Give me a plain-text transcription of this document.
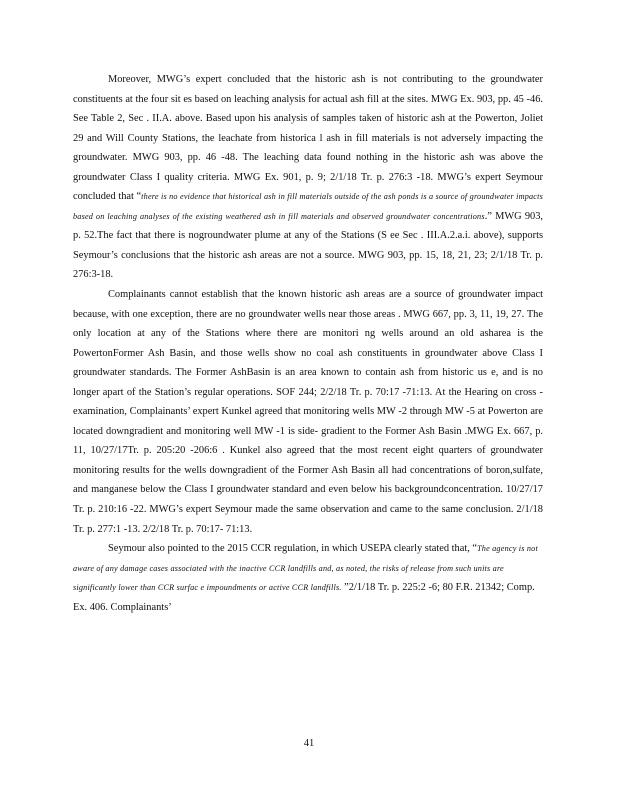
Moreover, MWG’s expert concluded that the historic ash is not contributing to the groundwater constituents at the four sit es based on leaching analysis for actual ash fill at the sites. MWG Ex. 903, pp. 45 -46. See Table 2, Sec . II.A. above. Based upon his analysis of samples taken of historic ash at the Powerton, Joliet 29 and Will County Stations, the leachate from historica l ash in fill materials is not adversely impacting the groundwater. MWG 903, pp. 46 -48. The leaching data found nothing in the historic ash was above the groundwater Class I quality criteria. MWG Ex. 901, p. 9; 2/1/18 Tr. p. 276:3 -18. MWG’s expert Seymour concluded that “there is no evidence that historical ash in fill materials outside of the ash ponds is a source of groundwater impacts based on leaching analyses of the existing weathered ash in fill materials and observed groundwater concentrations.” MWG 903, p. 52.The fact that there is nogroundwater plume at any of the Stations (S ee Sec . III.A.2.a.i. above), supports Seymour’s conclusions that the historic ash areas are not a source. MWG 903, pp. 15, 18, 21, 23; 2/1/18 Tr. p. 276:3-18.

Complainants cannot establish that the known historic ash areas are a source of groundwater impact because, with one exception, there are no groundwater wells near those areas . MWG 667, pp. 3, 11, 19, 27. The only location at any of the Stations where there are monitori ng wells around an old asharea is the PowertonFormer Ash Basin, and those wells show no coal ash constituents in groundwater above Class I groundwater standards. The Former AshBasin is an area known to contain ash from historic us e, and is no longer apart of the Station’s regular operations. SOF 244; 2/2/18 Tr. p. 70:17 -71:13. At the Hearing on cross -examination, Complainants’ expert Kunkel agreed that monitoring wells MW -2 through MW -5 at Powerton are located downgradient and monitoring well MW -1 is side- gradient to the Former Ash Basin .MWG Ex. 667, p. 11, 10/27/17Tr. p. 205:20 -206:6 . Kunkel also agreed that the most recent eight quarters of groundwater monitoring results for the wells downgradient of the Former Ash Basin all had concentrations of boron,sulfate, and manganese below the Class I groundwater standard and even below his backgroundconcentration. 10/27/17 Tr. p. 210:16 -22. MWG’s expert Seymour made the same observation and came to the same conclusion. 2/1/18 Tr. p. 277:1 -13. 2/2/18 Tr. p. 70:17- 71:13.

Seymour also pointed to the 2015 CCR regulation, in which USEPA clearly stated that, “The agency is not aware of any damage cases associated with the inactive CCR landfills and, as noted, the risks of release from such units are significantly lower than CCR surfac e impoundments or active CCR landfills. ”2/1/18 Tr. p. 225:2 -6; 80 F.R. 21342; Comp. Ex. 406. Complainants’

41
